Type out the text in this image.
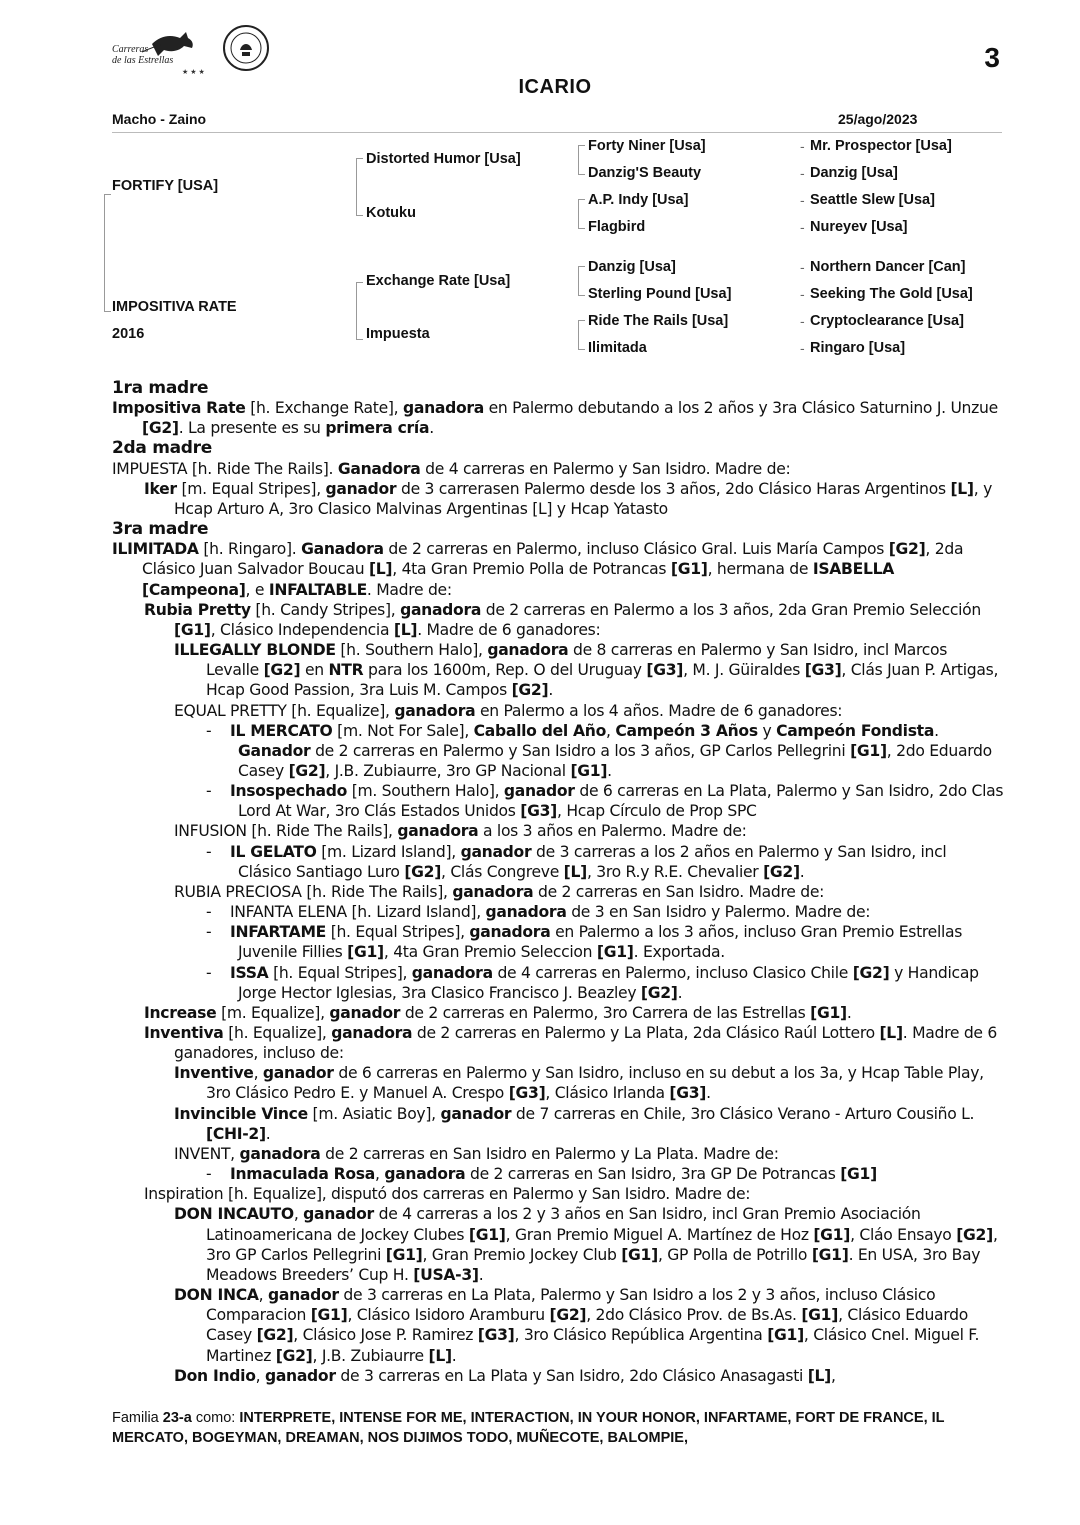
★ ★ ★
Carreras
de las Estrellas	3
ICARIO
Macho - Zaino	25/ago/2023
FORTIFY [USA]
IMPOSITIVA RATE
2016
Distorted Humor [Usa]
Kotuku
Exchange Rate [Usa]
Impuesta
Forty Niner [Usa]
Danzig'S Beauty
A.P. Indy [Usa]
Flagbird
Danzig [Usa]
Sterling Pound [Usa]
Ride The Rails [Usa]
Ilimitada
-
-
-
-
-
-
-
-
Mr. Prospector [Usa]
Danzig [Usa]
Seattle Slew [Usa]
Nureyev [Usa]
Northern Dancer [Can]
Seeking The Gold [Usa]
Cryptoclearance [Usa]
Ringaro [Usa]

1ra madre

Impositiva Rate [h. Exchange Rate], ganadora en Palermo debutando a los 2 años y 3ra Clásico Saturnino J. Unzue [G2]. La presente es su primera cría.

2da madre

IMPUESTA [h. Ride The Rails]. Ganadora de 4 carreras en Palermo y San Isidro. Madre de:

Iker [m. Equal Stripes], ganador de 3 carrerasen Palermo desde los 3 años, 2do Clásico Haras Argentinos [L], y Hcap Arturo A, 3ro Clasico Malvinas Argentinas [L] y Hcap Yatasto

3ra madre

ILIMITADA [h. Ringaro]. Ganadora de 2 carreras en Palermo, incluso Clásico Gral. Luis María Campos [G2], 2da Clásico Juan Salvador Boucau [L], 4ta Gran Premio Polla de Potrancas [G1], hermana de ISABELLA [Campeona], e INFALTABLE. Madre de:

Rubia Pretty [h. Candy Stripes], ganadora de 2 carreras en Palermo a los 3 años, 2da Gran Premio Selección [G1], Clásico Independencia [L]. Madre de 6 ganadores:

ILLEGALLY BLONDE [h. Southern Halo], ganadora de 8 carreras en Palermo y San Isidro, incl Marcos Levalle [G2] en NTR para los 1600m, Rep. O del Uruguay [G3], M. J. Güiraldes [G3], Clás Juan P. Artigas, Hcap Good Passion, 3ra Luis M. Campos [G2].

EQUAL PRETTY [h. Equalize], ganadora en Palermo a los 4 años. Madre de 6 ganadores:

-    IL MERCATO [m. Not For Sale], Caballo del Año, Campeón 3 Años y Campeón Fondista. Ganador de 2 carreras en Palermo y San Isidro a los 3 años, GP Carlos Pellegrini [G1], 2do Eduardo Casey [G2], J.B. Zubiaurre, 3ro GP Nacional [G1].

-    Insospechado [m. Southern Halo], ganador de 6 carreras en La Plata, Palermo y San Isidro, 2do Clas Lord At War, 3ro Clás Estados Unidos [G3], Hcap Círculo de Prop SPC

INFUSION [h. Ride The Rails], ganadora a los 3 años en Palermo. Madre de:

-    IL GELATO [m. Lizard Island], ganador de 3 carreras a los 2 años en Palermo y San Isidro, incl Clásico Santiago Luro [G2], Clás Congreve [L], 3ro R.y R.E. Chevalier [G2].

RUBIA PRECIOSA [h. Ride The Rails], ganadora de 2 carreras en San Isidro. Madre de:

-    INFANTA ELENA [h. Lizard Island], ganadora de 3 en San Isidro y Palermo. Madre de:

-    INFARTAME [h. Equal Stripes], ganadora en Palermo a los 3 años, incluso Gran Premio Estrellas Juvenile Fillies [G1], 4ta Gran Premio Seleccion [G1]. Exportada.

-    ISSA [h. Equal Stripes], ganadora de 4 carreras en Palermo, incluso Clasico Chile [G2] y Handicap Jorge Hector Iglesias, 3ra Clasico Francisco J. Beazley [G2].

Increase [m. Equalize], ganador de 2 carreras en Palermo, 3ro Carrera de las Estrellas [G1].

Inventiva [h. Equalize], ganadora de 2 carreras en Palermo y La Plata, 2da Clásico Raúl Lottero [L]. Madre de 6 ganadores, incluso de:

Inventive, ganador de 6 carreras en Palermo y San Isidro, incluso en su debut a los 3a, y Hcap Table Play, 3ro Clásico Pedro E. y Manuel A. Crespo [G3], Clásico Irlanda [G3].

Invincible Vince [m. Asiatic Boy], ganador de 7 carreras en Chile, 3ro Clásico Verano - Arturo Cousiño L. [CHI-2].

INVENT, ganadora de 2 carreras en San Isidro en Palermo y La Plata. Madre de:

-    Inmaculada Rosa, ganadora de 2 carreras en San Isidro, 3ra GP De Potrancas [G1]

Inspiration [h. Equalize], disputó dos carreras en Palermo y San Isidro. Madre de:

DON INCAUTO, ganador de 4 carreras a los 2 y 3 años en San Isidro, incl Gran Premio Asociación Latinoamericana de Jockey Clubes [G1], Gran Premio Miguel A. Martínez de Hoz [G1], Cláo Ensayo [G2], 3ro GP Carlos Pellegrini [G1], Gran Premio Jockey Club [G1], GP Polla de Potrillo [G1]. En USA, 3ro Bay Meadows Breeders’ Cup H. [USA-3].

DON INCA, ganador de 3 carreras en La Plata, Palermo y San Isidro a los 2 y 3 años, incluso Clásico Comparacion [G1], Clásico Isidoro Aramburu [G2], 2do Clásico Prov. de Bs.As. [G1], Clásico Eduardo Casey [G2], Clásico Jose P. Ramirez [G3], 3ro Clásico República Argentina [G1], Clásico Cnel. Miguel F. Martinez [G2], J.B. Zubiaurre [L].

Don Indio, ganador de 3 carreras en La Plata y San Isidro, 2do Clásico Anasagasti [L],

Familia 23-a como: INTERPRETE, INTENSE FOR ME, INTERACTION, IN YOUR HONOR, INFARTAME, FORT DE FRANCE, IL MERCATO, BOGEYMAN, DREAMAN, NOS DIJIMOS TODO, MUÑECOTE, BALOMPIE,
